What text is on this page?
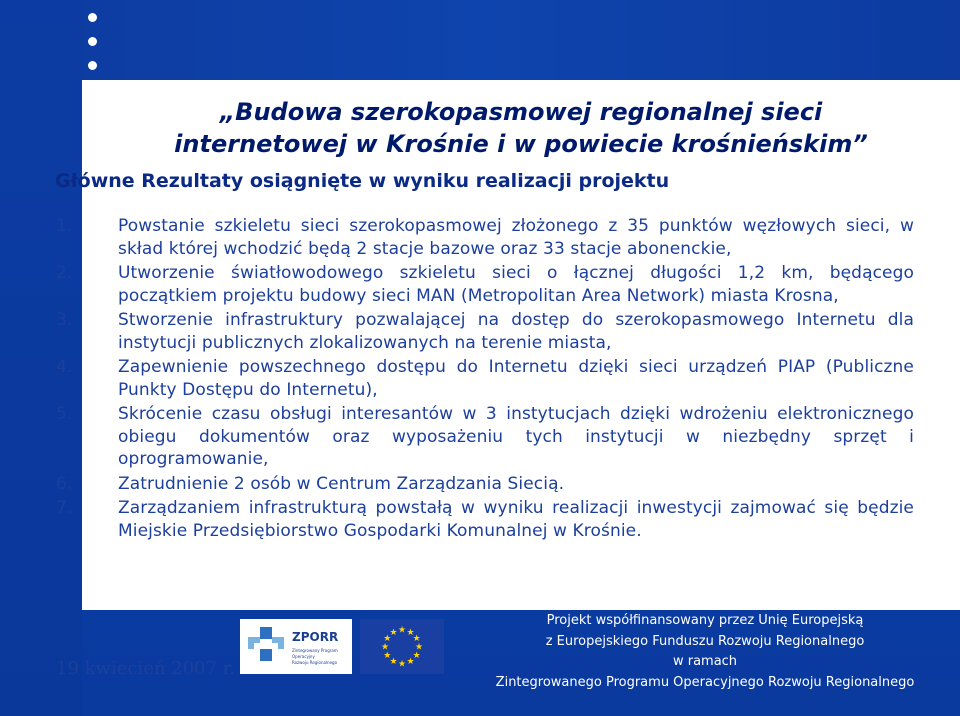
„Budowa szerokopasmowej regionalnej sieci
internetowej w Krośnie i w powiecie krośnieńskim”
Główne Rezultaty osiągnięte w wyniku realizacji projektu
1.	Powstanie szkieletu sieci szerokopasmowej złożonego z 35 punktów węzłowych sieci, w skład której wchodzić będą 2 stacje bazowe oraz 33 stacje abonenckie,
2.	Utworzenie światłowodowego szkieletu sieci o łącznej długości 1,2 km, będącego początkiem projektu budowy sieci MAN (Metropolitan Area Network) miasta Krosna,
3.	Stworzenie infrastruktury pozwalającej na dostęp do szerokopasmowego Internetu dla instytucji publicznych zlokalizowanych na terenie miasta,
4.	Zapewnienie powszechnego dostępu do Internetu dzięki sieci urządzeń PIAP (Publiczne Punkty Dostępu do Internetu),
5.	Skrócenie czasu obsługi interesantów w 3 instytucjach dzięki wdrożeniu elektronicznego obiegu dokumentów oraz wyposażeniu tych instytucji w niezbędny sprzęt i oprogramowanie,
6.	Zatrudnienie 2 osób w Centrum Zarządzania Siecią.
7.	Zarządzaniem infrastrukturą powstałą w wyniku realizacji inwestycji zajmować się będzie Miejskie Przedsiębiorstwo Gospodarki Komunalnej w Krośnie.
19 kwiecień 2007 r.
ZPORR
Zintegrowany Program
Operacyjny
Rozwoju Regionalnego
★ ★
★
★
★
★
★
★
★
★
★
★
Projekt współfinansowany przez Unię Europejską
z Europejskiego Funduszu Rozwoju Regionalnego
w ramach
Zintegrowanego Programu Operacyjnego Rozwoju Regionalnego
